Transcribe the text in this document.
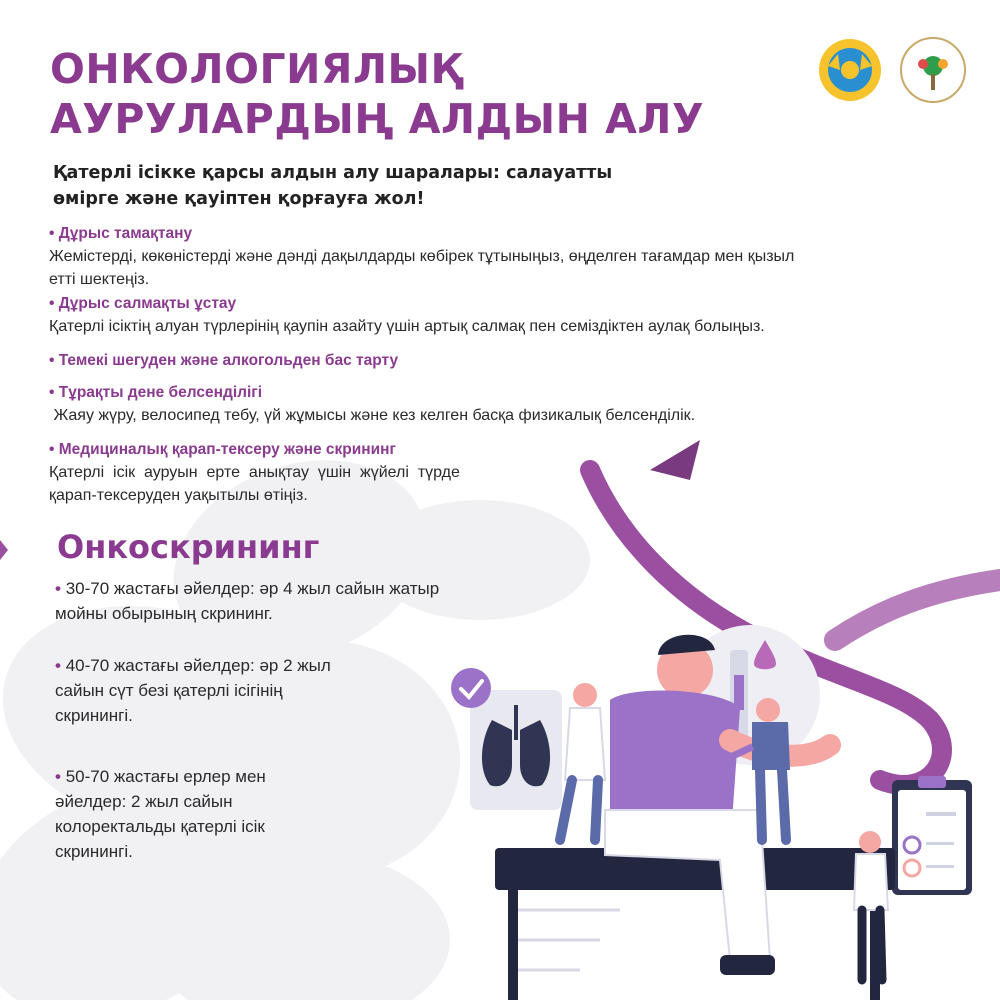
ОНКОЛОГИЯЛЫҚ
АУРУЛАРДЫҢ АЛДЫН АЛУ

Қатерлі ісікке қарсы алдын алу шаралары: салауатты
өмірге және қауіптен қорғауға жол!

• Дұрыс тамақтану
Жемістерді, көкөністерді және дәнді дақылдарды көбірек тұтыныңыз, өңделген тағамдар мен қызыл
етті шектеңіз.
• Дұрыс салмақты ұстау
Қатерлі ісіктің алуан түрлерінің қаупін азайту үшін артық салмақ пен семіздіктен аулақ болыңыз.
• Темекі шегуден және алкогольден бас тарту
• Тұрақты дене белсенділігі
Жаяу жүру, велосипед тебу, үй жұмысы және кез келген басқа физикалық белсенділік.
• Медициналық қарап-тексеру және скрининг
Қатерлі  ісік  ауруын  ерте  анықтау  үшін  жүйелі  түрде
қарап-тексеруден уақытылы өтіңіз.
Онкоскрининг
• 30-70 жастағы әйелдер: әр 4 жыл сайын жатыр
мойны обырының скрининг.
• 40-70 жастағы әйелдер: әр 2 жыл
сайын сүт безі қатерлі ісігінің
скринингі.
• 50-70 жастағы ерлер мен
әйелдер: 2 жыл сайын
колоректальды қатерлі ісік
скринингі.
